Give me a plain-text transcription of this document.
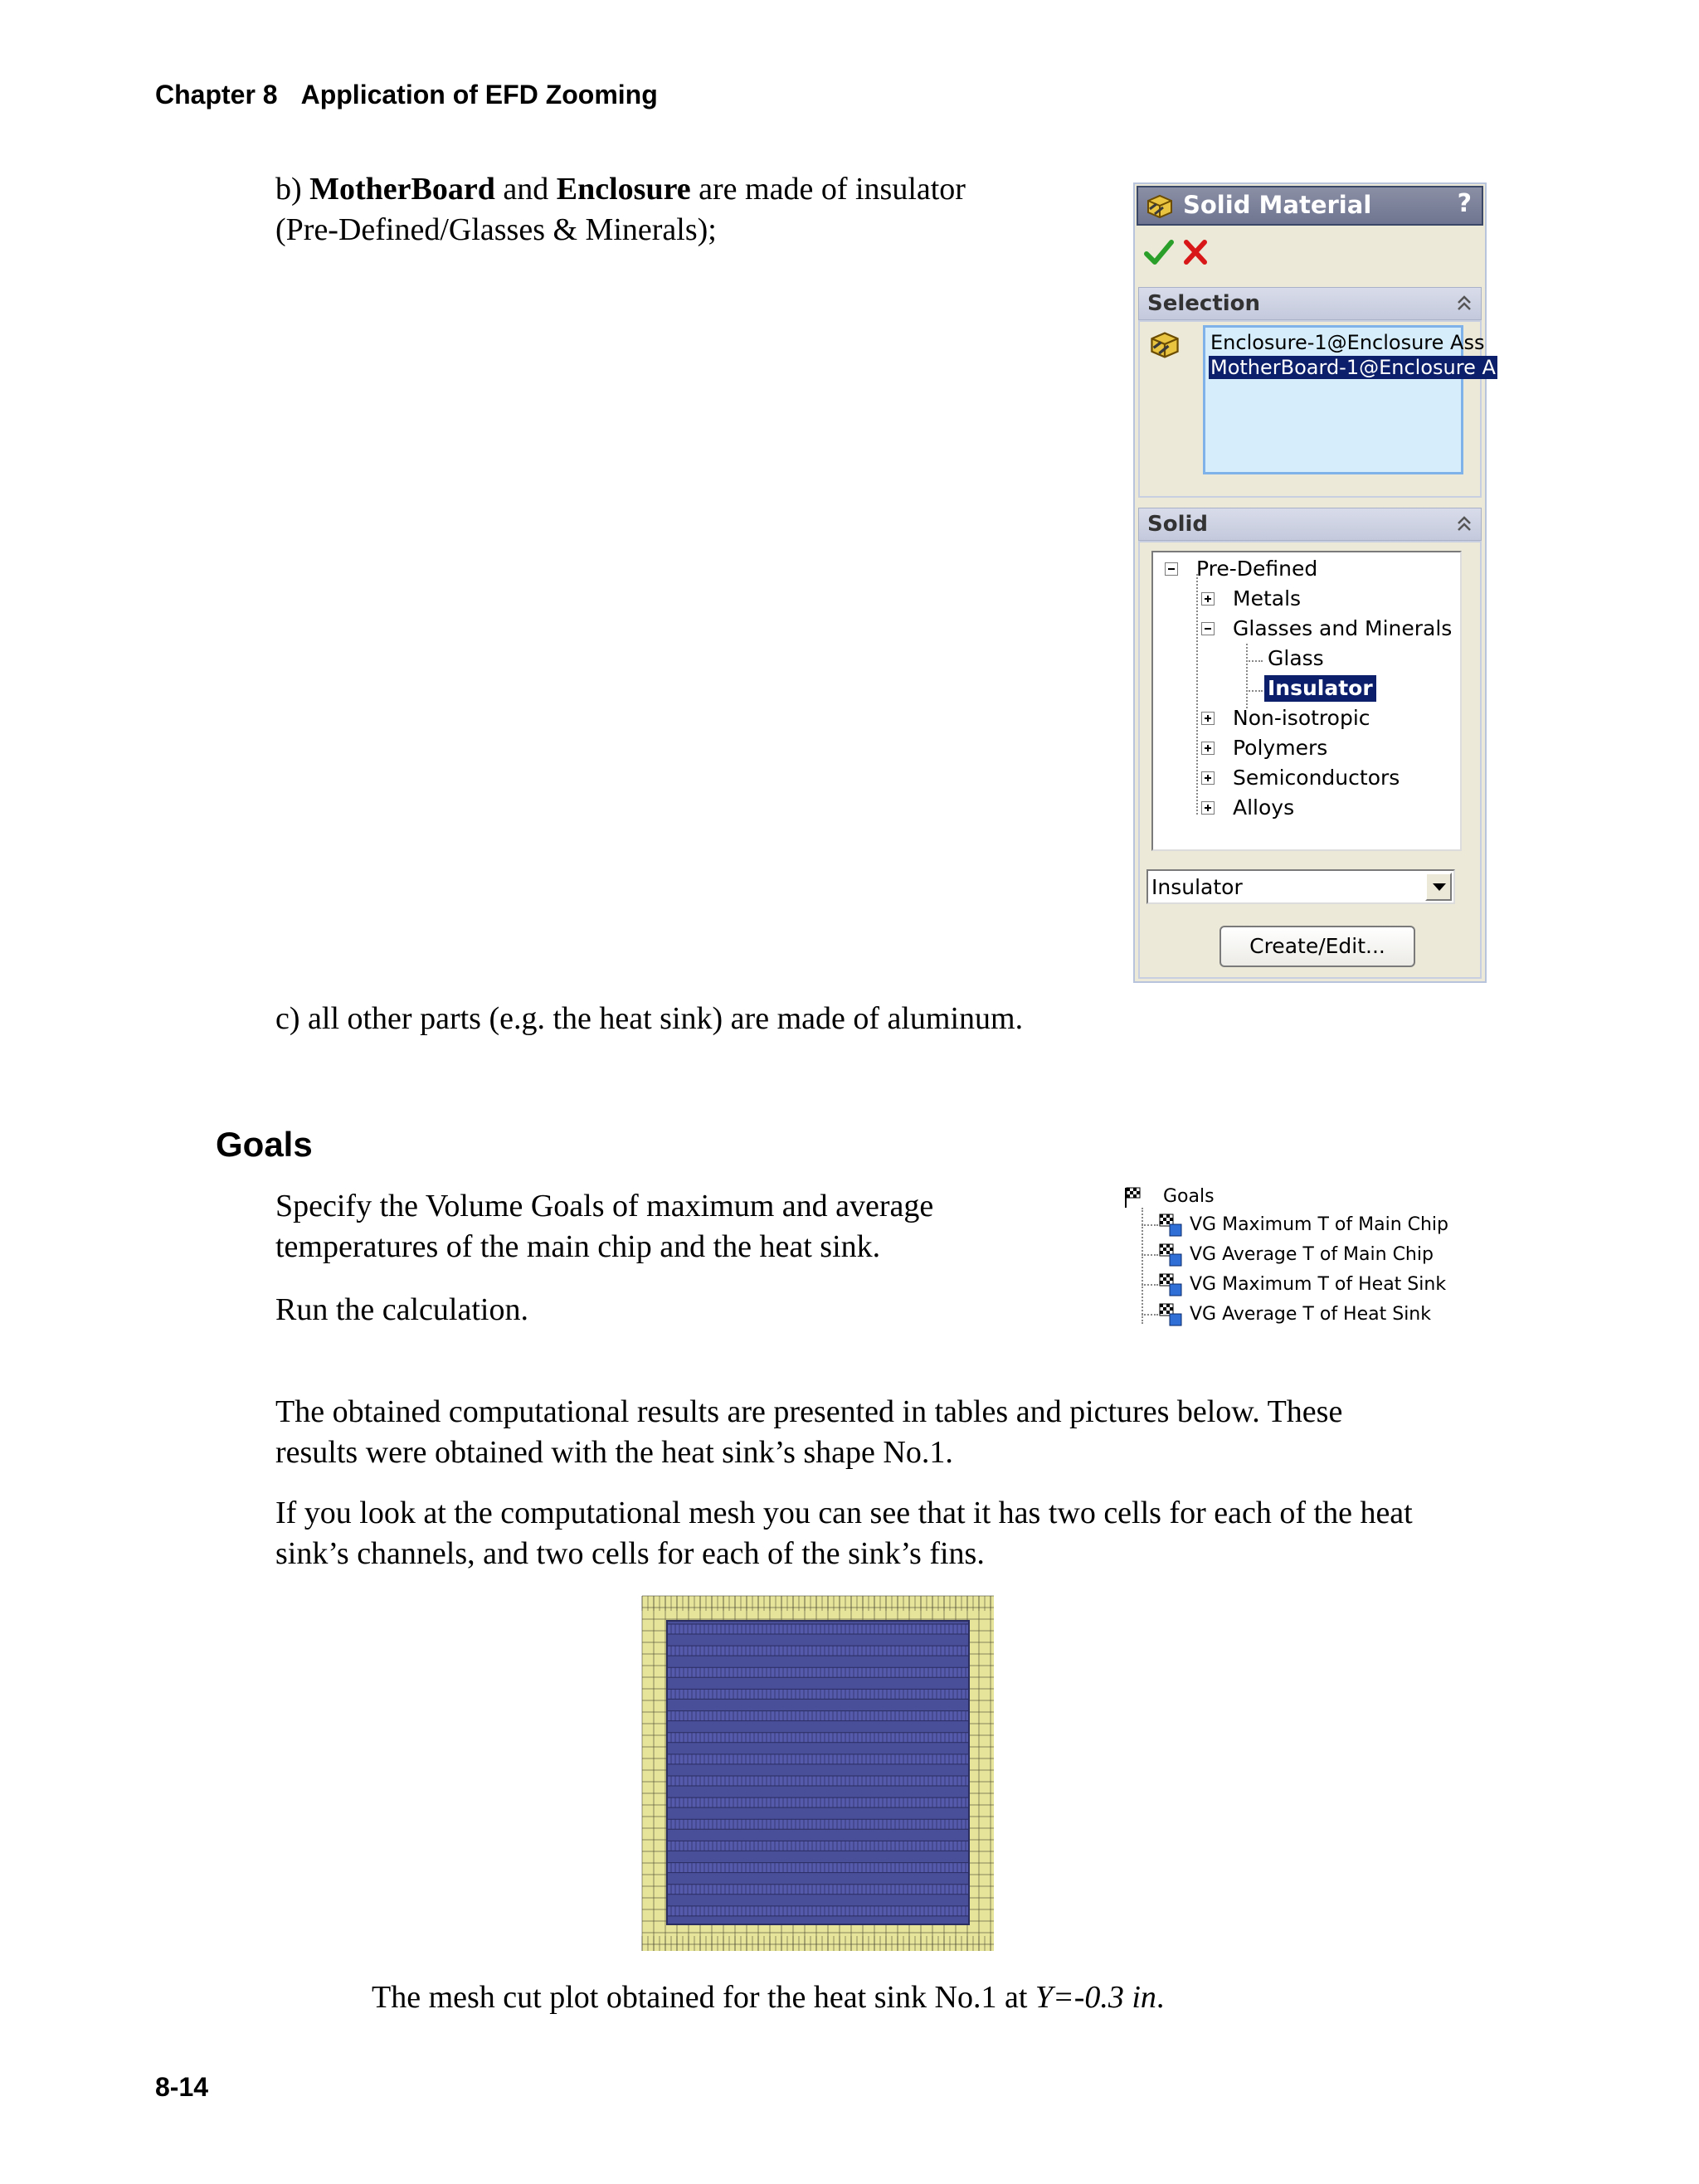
Chapter 8 Application of EFD Zooming
b) MotherBoard and Enclosure are made of insulator
(Pre-Defined/Glasses & Minerals);
Solid Material	?
Selection
Enclosure-1@Enclosure Ass
MotherBoard-1@Enclosure A
Solid
Pre-Defined
Metals
Glasses and Minerals
Glass
Insulator
Non-isotropic
Polymers
Semiconductors
Alloys
Insulator
Create/Edit...
c) all other parts (e.g. the heat sink) are made of aluminum.
Goals
Specify the Volume Goals of maximum and average
temperatures of the main chip and the heat sink.
Run the calculation.
Goals
VG Maximum T of Main Chip
VG Average T of Main Chip
VG Maximum T of Heat Sink
VG Average T of Heat Sink
The obtained computational results are presented in tables and pictures below. These
results were obtained with the heat sink’s shape No.1.
If you look at the computational mesh you can see that it has two cells for each of the heat
sink’s channels, and two cells for each of the sink’s fins.
The mesh cut plot obtained for the heat sink No.1 at Y=-0.3 in.
8-14
